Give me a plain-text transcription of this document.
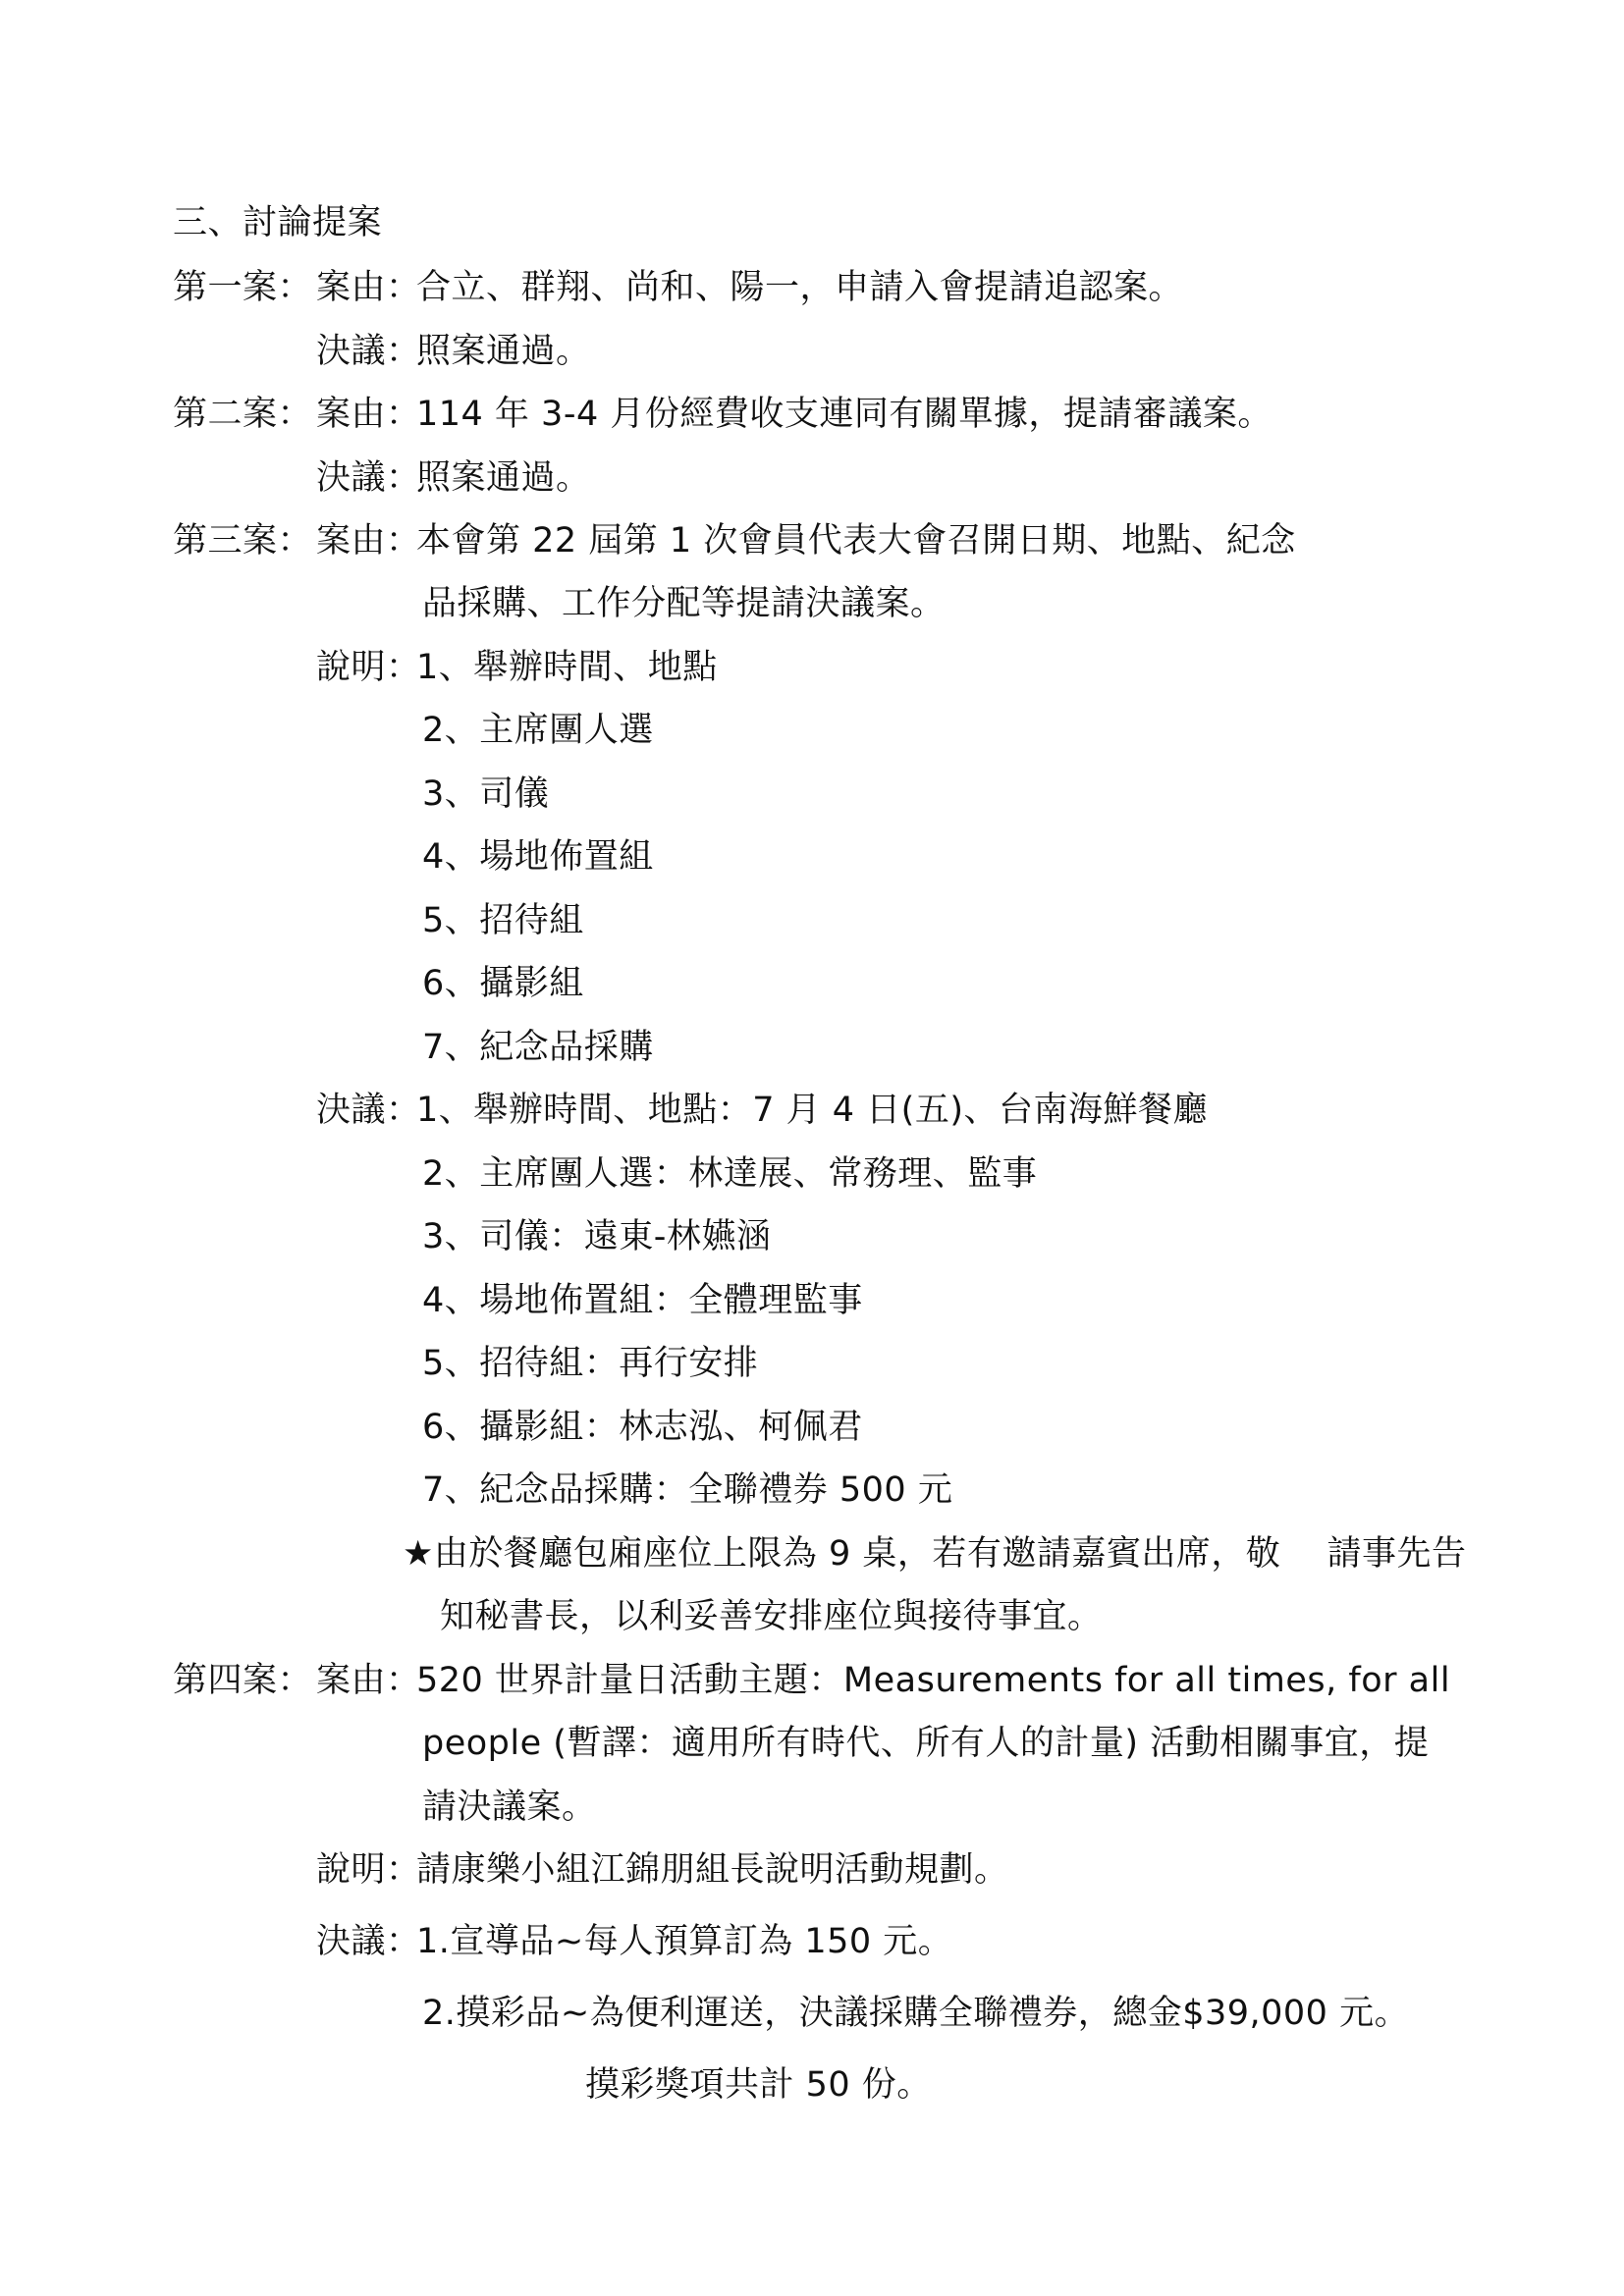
三、討論提案
第一案： 案由：合立、群翔、尚和、陽一，申請入會提請追認案。
決議：照案通過。
第二案： 案由：114 年 3-4 月份經費收支連同有關單據，提請審議案。
決議：照案通過。
第三案： 案由：本會第 22 屆第 1 次會員代表大會召開日期、地點、紀念
品採購、工作分配等提請決議案。
說明：1、舉辦時間、地點
2、主席團人選
3、司儀
4、場地佈置組
5、招待組
6、攝影組
7、紀念品採購
決議：1、舉辦時間、地點：7 月 4 日(五)、台南海鮮餐廳
2、主席團人選：林達展、常務理、監事
3、司儀：遠東-林嬿涵
4、場地佈置組：全體理監事
5、招待組：再行安排
6、攝影組：林志泓、柯佩君
7、紀念品採購：全聯禮券 500 元
★由於餐廳包廂座位上限為 9 桌，若有邀請嘉賓出席，敬　 請事先告
知秘書長，以利妥善安排座位與接待事宜。
第四案： 案由：520 世界計量日活動主題：Measurements for all times, for all
people (暫譯：適用所有時代、所有人的計量) 活動相關事宜，提
請決議案。
說明：請康樂小組江錦朋組長說明活動規劃。
決議：1.宣導品~每人預算訂為 150 元。
2.摸彩品~為便利運送，決議採購全聯禮券，總金$39,000 元。
摸彩獎項共計 50 份。
